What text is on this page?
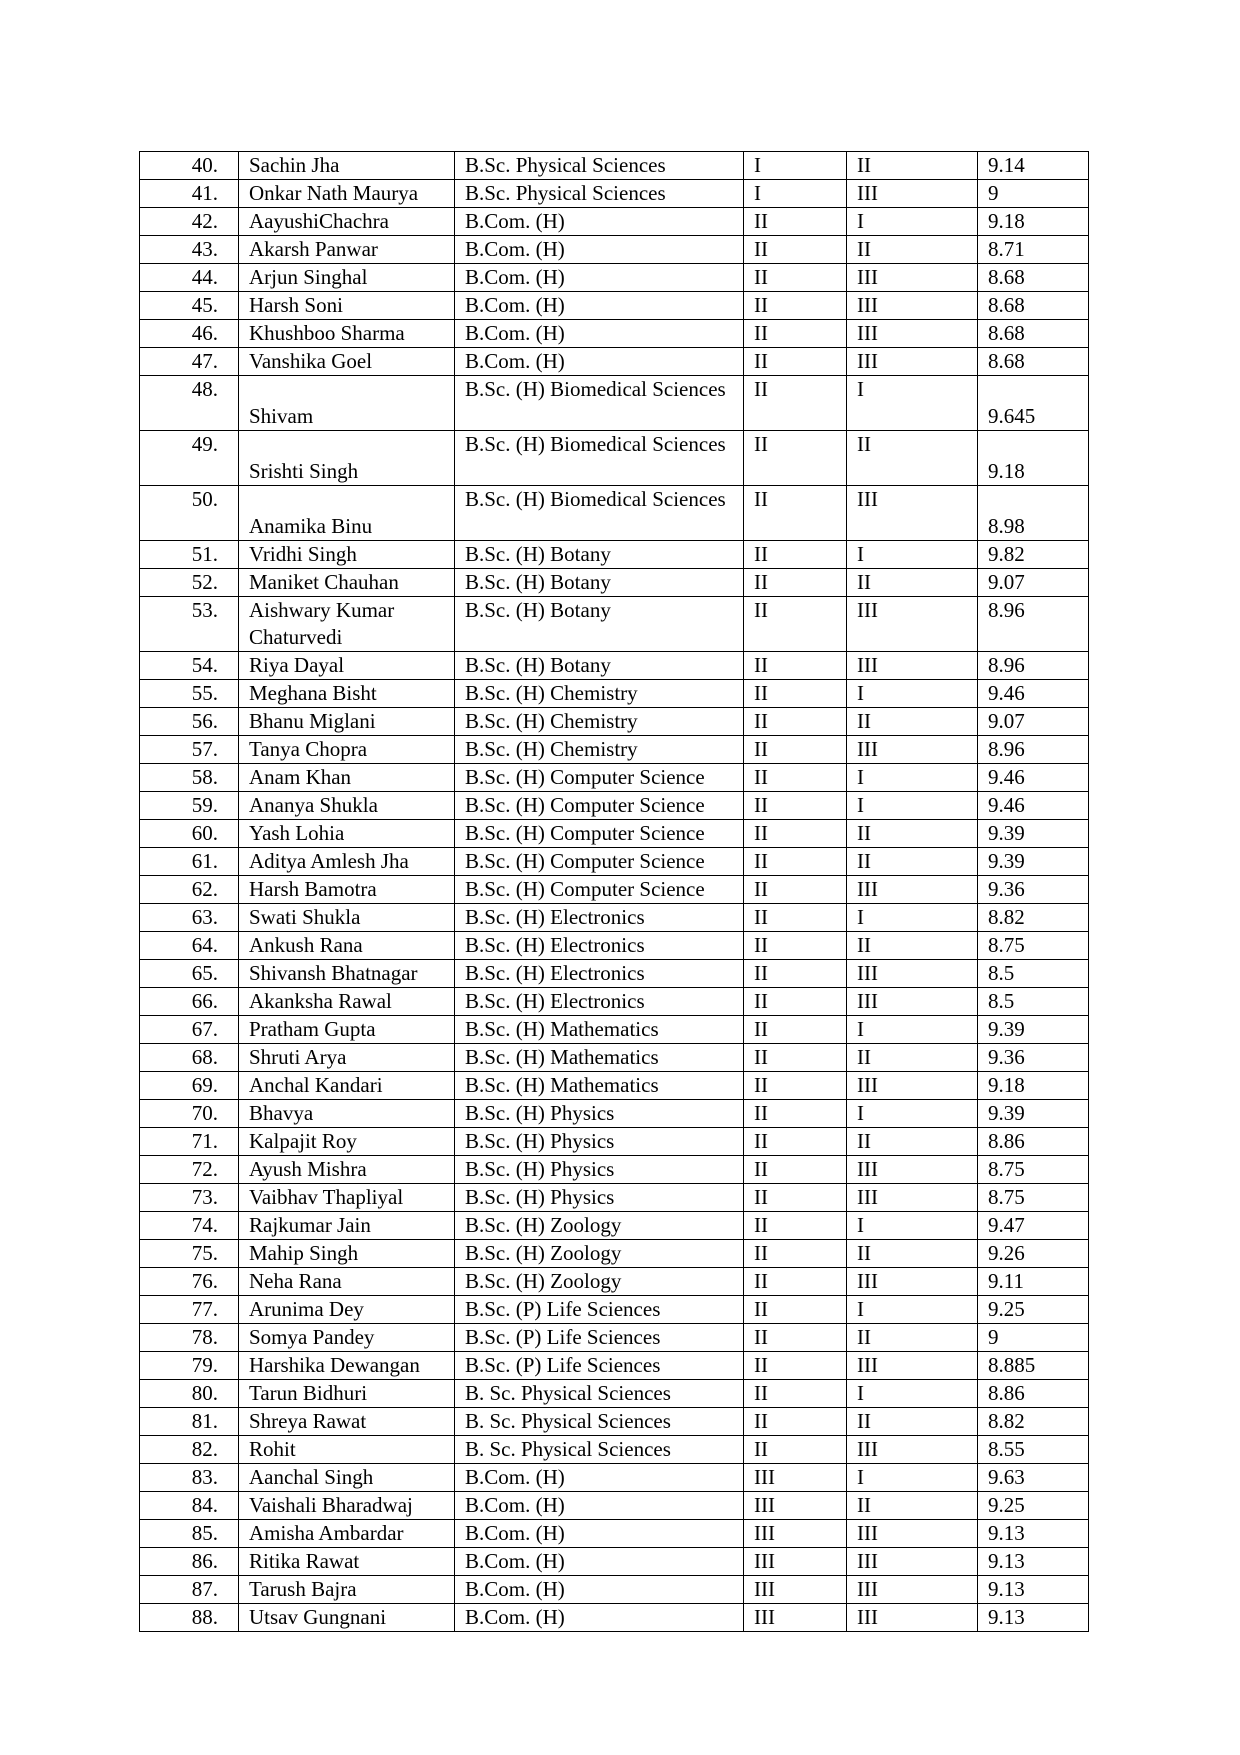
40.	Sachin Jha	B.Sc. Physical Sciences	I	II	9.14
41.	Onkar Nath Maurya	B.Sc. Physical Sciences	I	III	9
42.	AayushiChachra	B.Com. (H)	II	I	9.18
43.	Akarsh Panwar	B.Com. (H)	II	II	8.71
44.	Arjun Singhal	B.Com. (H)	II	III	8.68
45.	Harsh Soni	B.Com. (H)	II	III	8.68
46.	Khushboo Sharma	B.Com. (H)	II	III	8.68
47.	Vanshika Goel	B.Com. (H)	II	III	8.68
48.	Shivam	B.Sc. (H) Biomedical Sciences	II	I	9.645
49.	Srishti Singh	B.Sc. (H) Biomedical Sciences	II	II	9.18
50.	Anamika Binu	B.Sc. (H) Biomedical Sciences	II	III	8.98
51.	Vridhi Singh	B.Sc. (H) Botany	II	I	9.82
52.	Maniket Chauhan	B.Sc. (H) Botany	II	II	9.07
53.	Aishwary Kumar Chaturvedi	B.Sc. (H) Botany	II	III	8.96
54.	Riya Dayal	B.Sc. (H) Botany	II	III	8.96
55.	Meghana Bisht	B.Sc. (H) Chemistry	II	I	9.46
56.	Bhanu Miglani	B.Sc. (H) Chemistry	II	II	9.07
57.	Tanya Chopra	B.Sc. (H) Chemistry	II	III	8.96
58.	Anam Khan	B.Sc. (H) Computer Science	II	I	9.46
59.	Ananya Shukla	B.Sc. (H) Computer Science	II	I	9.46
60.	Yash Lohia	B.Sc. (H) Computer Science	II	II	9.39
61.	Aditya Amlesh Jha	B.Sc. (H) Computer Science	II	II	9.39
62.	Harsh Bamotra	B.Sc. (H) Computer Science	II	III	9.36
63.	Swati Shukla	B.Sc. (H) Electronics	II	I	8.82
64.	Ankush Rana	B.Sc. (H) Electronics	II	II	8.75
65.	Shivansh Bhatnagar	B.Sc. (H) Electronics	II	III	8.5
66.	Akanksha Rawal	B.Sc. (H) Electronics	II	III	8.5
67.	Pratham Gupta	B.Sc. (H) Mathematics	II	I	9.39
68.	Shruti Arya	B.Sc. (H) Mathematics	II	II	9.36
69.	Anchal Kandari	B.Sc. (H) Mathematics	II	III	9.18
70.	Bhavya	B.Sc. (H) Physics	II	I	9.39
71.	Kalpajit Roy	B.Sc. (H) Physics	II	II	8.86
72.	Ayush Mishra	B.Sc. (H) Physics	II	III	8.75
73.	Vaibhav Thapliyal	B.Sc. (H) Physics	II	III	8.75
74.	Rajkumar Jain	B.Sc. (H) Zoology	II	I	9.47
75.	Mahip Singh	B.Sc. (H) Zoology	II	II	9.26
76.	Neha Rana	B.Sc. (H) Zoology	II	III	9.11
77.	Arunima Dey	B.Sc. (P) Life Sciences	II	I	9.25
78.	Somya Pandey	B.Sc. (P) Life Sciences	II	II	9
79.	Harshika Dewangan	B.Sc. (P) Life Sciences	II	III	8.885
80.	Tarun Bidhuri	B. Sc. Physical Sciences	II	I	8.86
81.	Shreya Rawat	B. Sc. Physical Sciences	II	II	8.82
82.	Rohit	B. Sc. Physical Sciences	II	III	8.55
83.	Aanchal Singh	B.Com. (H)	III	I	9.63
84.	Vaishali Bharadwaj	B.Com. (H)	III	II	9.25
85.	Amisha Ambardar	B.Com. (H)	III	III	9.13
86.	Ritika Rawat	B.Com. (H)	III	III	9.13
87.	Tarush Bajra	B.Com. (H)	III	III	9.13
88.	Utsav Gungnani	B.Com. (H)	III	III	9.13
